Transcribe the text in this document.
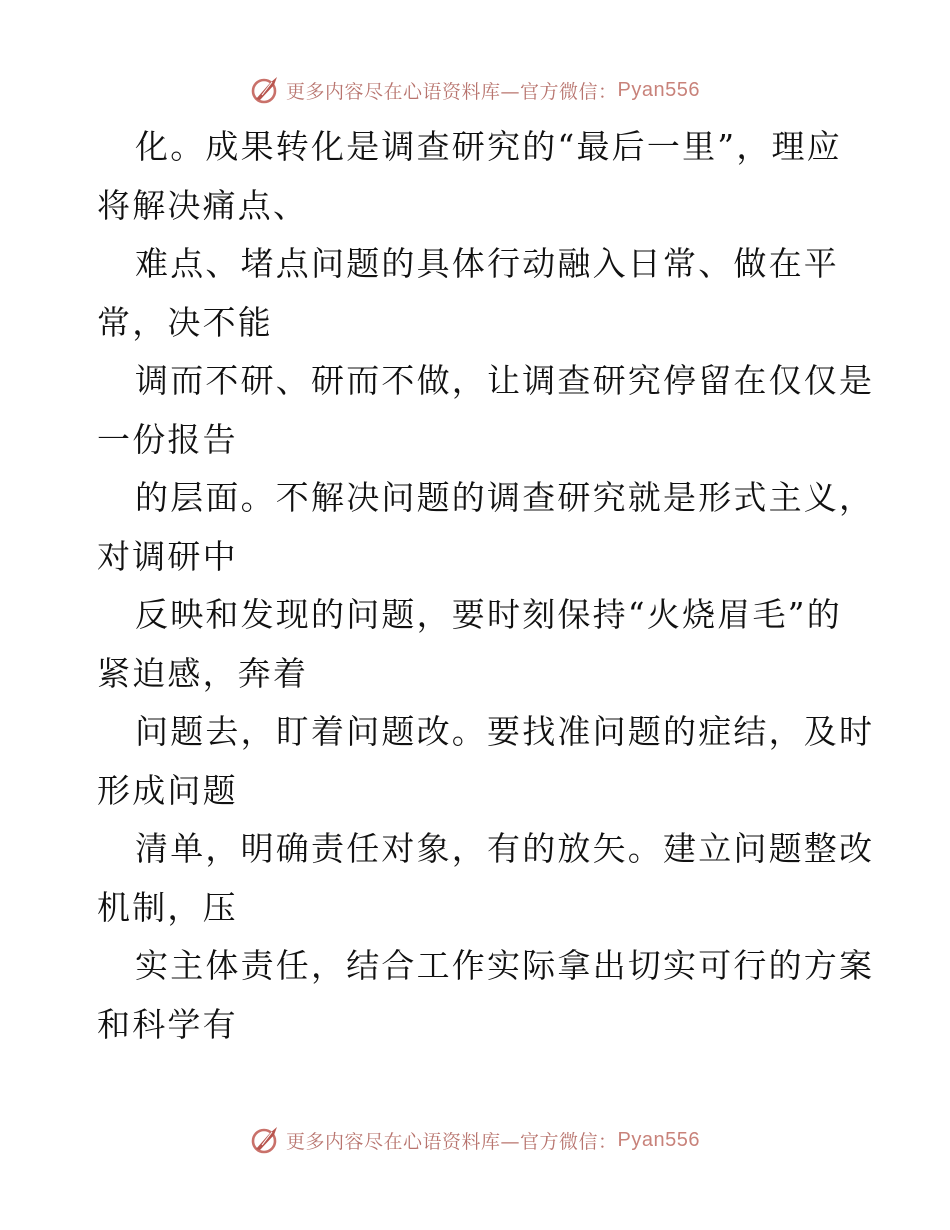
更多内容尽在心语资料库—官方微信： Pyan556
化。成果转化是调查研究的“最后一里”，理应
将解决痛点、
难点、堵点问题的具体行动融入日常、做在平
常，决不能
调而不研、研而不做，让调查研究停留在仅仅是
一份报告
的层面。不解决问题的调查研究就是形式主义，
对调研中
反映和发现的问题，要时刻保持“火烧眉毛”的
紧迫感，奔着
问题去，盯着问题改。要找准问题的症结，及时
形成问题
清单，明确责任对象，有的放矢。建立问题整改
机制，压
实主体责任，结合工作实际拿出切实可行的方案
和科学有
更多内容尽在心语资料库—官方微信： Pyan556
